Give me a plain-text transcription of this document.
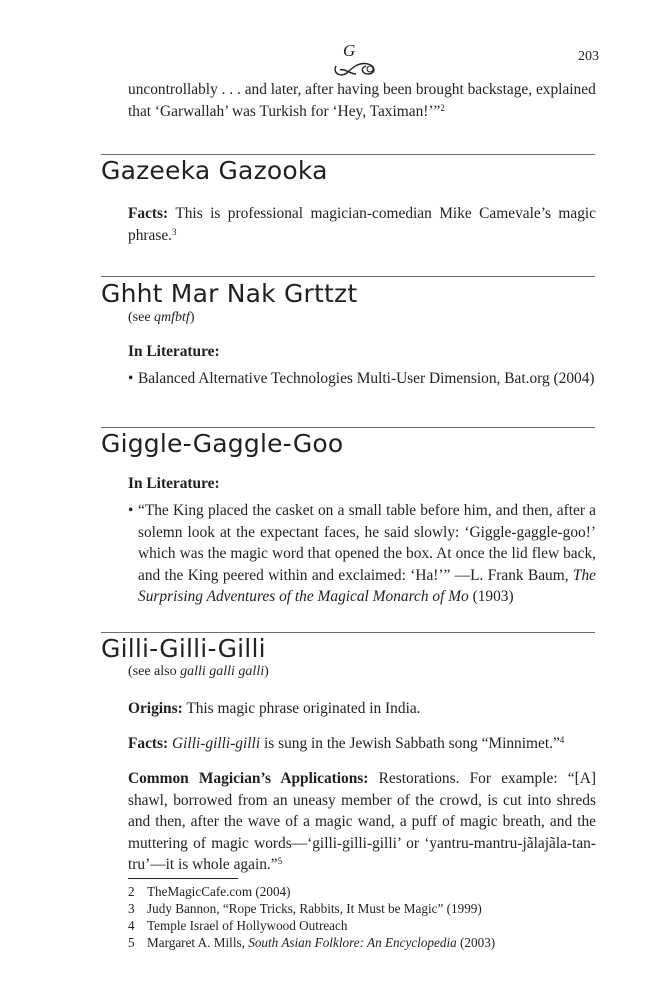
G	203
uncontrollably . . . and later, after having been brought backstage, explained
that ‘Garwallah’ was Turkish for ‘Hey, Taximan!’”$^2$
Gazeeka Gazooka
Facts: This is professional magician-comedian Mike Camevale’s magic phrase.$^3$
Ghht Mar Nak Grttzt
(see qmfbtf)
In Literature:
• Balanced Alternative Technologies Multi-User Dimension, Bat.org (2004)
Giggle-Gaggle-Goo
In Literature:
• “The King placed the casket on a small table before him, and then, after a solemn look at the expectant faces, he said slowly: ‘Giggle-gaggle-goo!’ which was the magic word that opened the box. At once the lid flew back, and the King peered within and exclaimed: ‘Ha!’” —L. Frank Baum, The Surprising Adventures of the Magical Monarch of Mo (1903)
Gilli-Gilli-Gilli
(see also galli galli galli)
Origins: This magic phrase originated in India.
Facts: Gilli-gilli-gilli is sung in the Jewish Sabbath song “Minnimet.”$^4$
Common Magician’s Applications: Restorations. For example: “[A] shawl, borrowed from an uneasy member of the crowd, is cut into shreds and then, after the wave of a magic wand, a puff of magic breath, and the muttering of magic words—‘gilli-gilli-gilli’ or ‘yantru-mantru-jãlajãla-tan-tru’—it is whole again.”$^5$
2 TheMagicCafe.com (2004)
3 Judy Bannon, “Rope Tricks, Rabbits, It Must be Magic” (1999)
4 Temple Israel of Hollywood Outreach
5 Margaret A. Mills, South Asian Folklore: An Encyclopedia (2003)
